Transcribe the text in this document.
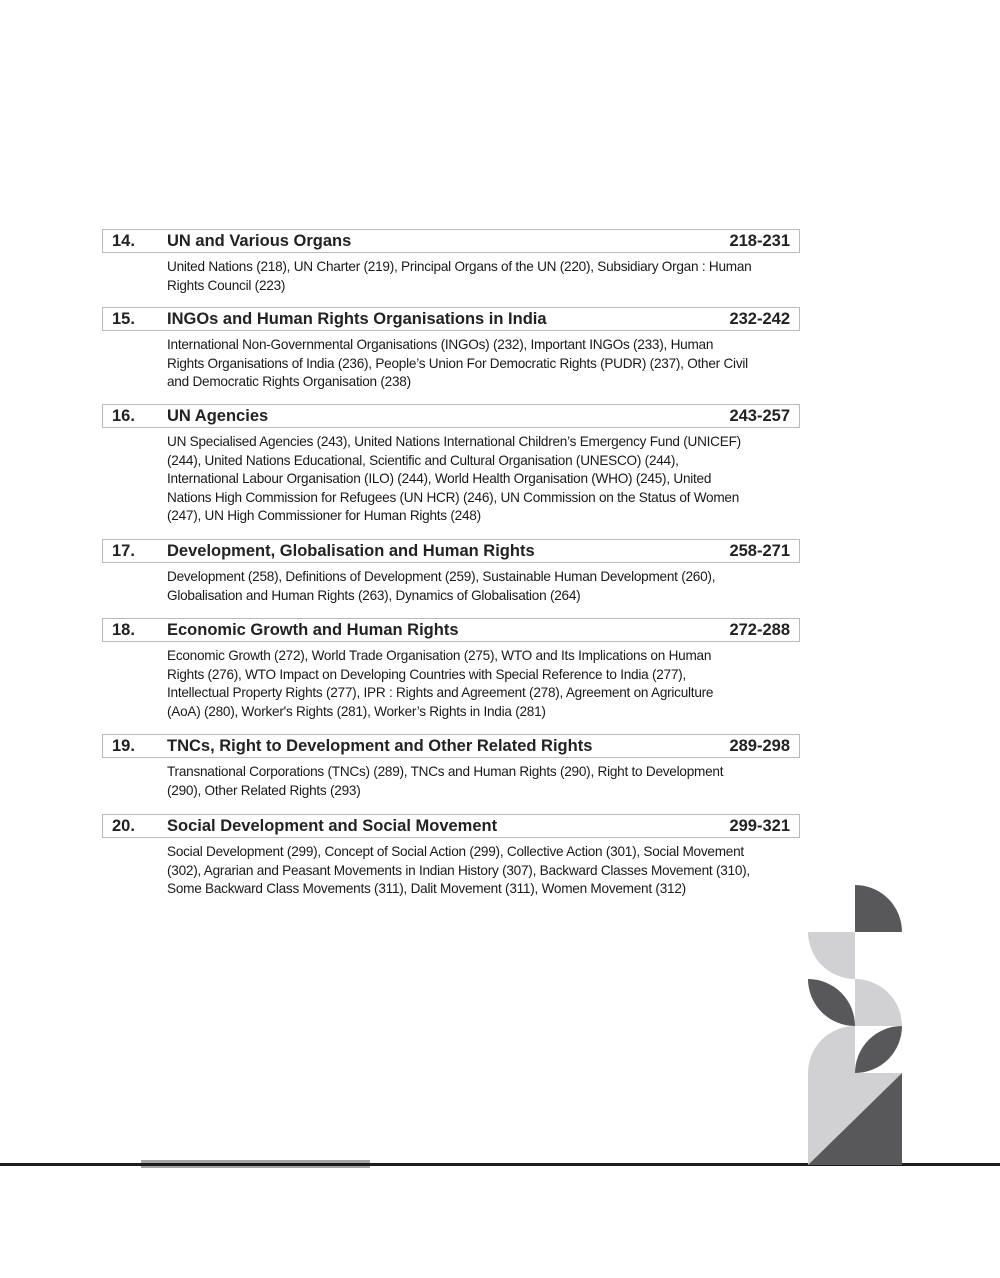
14. UN and Various Organs	218-231
United Nations (218), UN Charter (219), Principal Organs of the UN (220), Subsidiary Organ : Human
Rights Council (223)
15. INGOs and Human Rights Organisations in India	232-242
International Non-Governmental Organisations (INGOs) (232), Important INGOs (233), Human
Rights Organisations of India (236), People’s Union For Democratic Rights (PUDR) (237), Other Civil
and Democratic Rights Organisation (238)
16. UN Agencies	243-257
UN Specialised Agencies (243), United Nations International Children’s Emergency Fund (UNICEF)
(244), United Nations Educational, Scientific and Cultural Organisation (UNESCO) (244),
International Labour Organisation (ILO) (244), World Health Organisation (WHO) (245), United
Nations High Commission for Refugees (UN HCR) (246), UN Commission on the Status of Women
(247), UN High Commissioner for Human Rights (248)
17. Development, Globalisation and Human Rights	258-271
Development (258), Definitions of Development (259), Sustainable Human Development (260),
Globalisation and Human Rights (263), Dynamics of Globalisation (264)
18. Economic Growth and Human Rights	272-288
Economic Growth (272), World Trade Organisation (275), WTO and Its Implications on Human
Rights (276), WTO Impact on Developing Countries with Special Reference to India (277),
Intellectual Property Rights (277), IPR : Rights and Agreement (278), Agreement on Agriculture
(AoA) (280), Worker's Rights (281), Worker’s Rights in India (281)
19. TNCs, Right to Development and Other Related Rights	289-298
Transnational Corporations (TNCs) (289), TNCs and Human Rights (290), Right to Development
(290), Other Related Rights (293)
20. Social Development and Social Movement	299-321
Social Development (299), Concept of Social Action (299), Collective Action (301), Social Movement
(302), Agrarian and Peasant Movements in Indian History (307), Backward Classes Movement (310),
Some Backward Class Movements (311), Dalit Movement (311), Women Movement (312)
